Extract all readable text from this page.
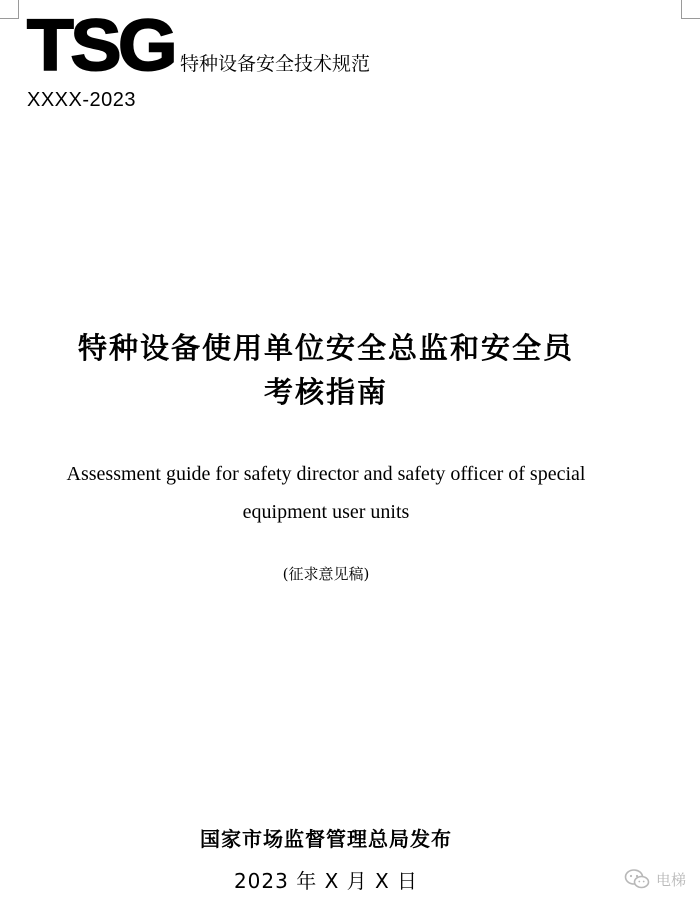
TSG 特种设备安全技术规范
XXXX-2023
特种设备使用单位安全总监和安全员
考核指南
Assessment guide for safety director and safety officer of special
equipment user units
(征求意见稿)
国家市场监督管理总局发布
2023 年 X 月 X 日	电梯
